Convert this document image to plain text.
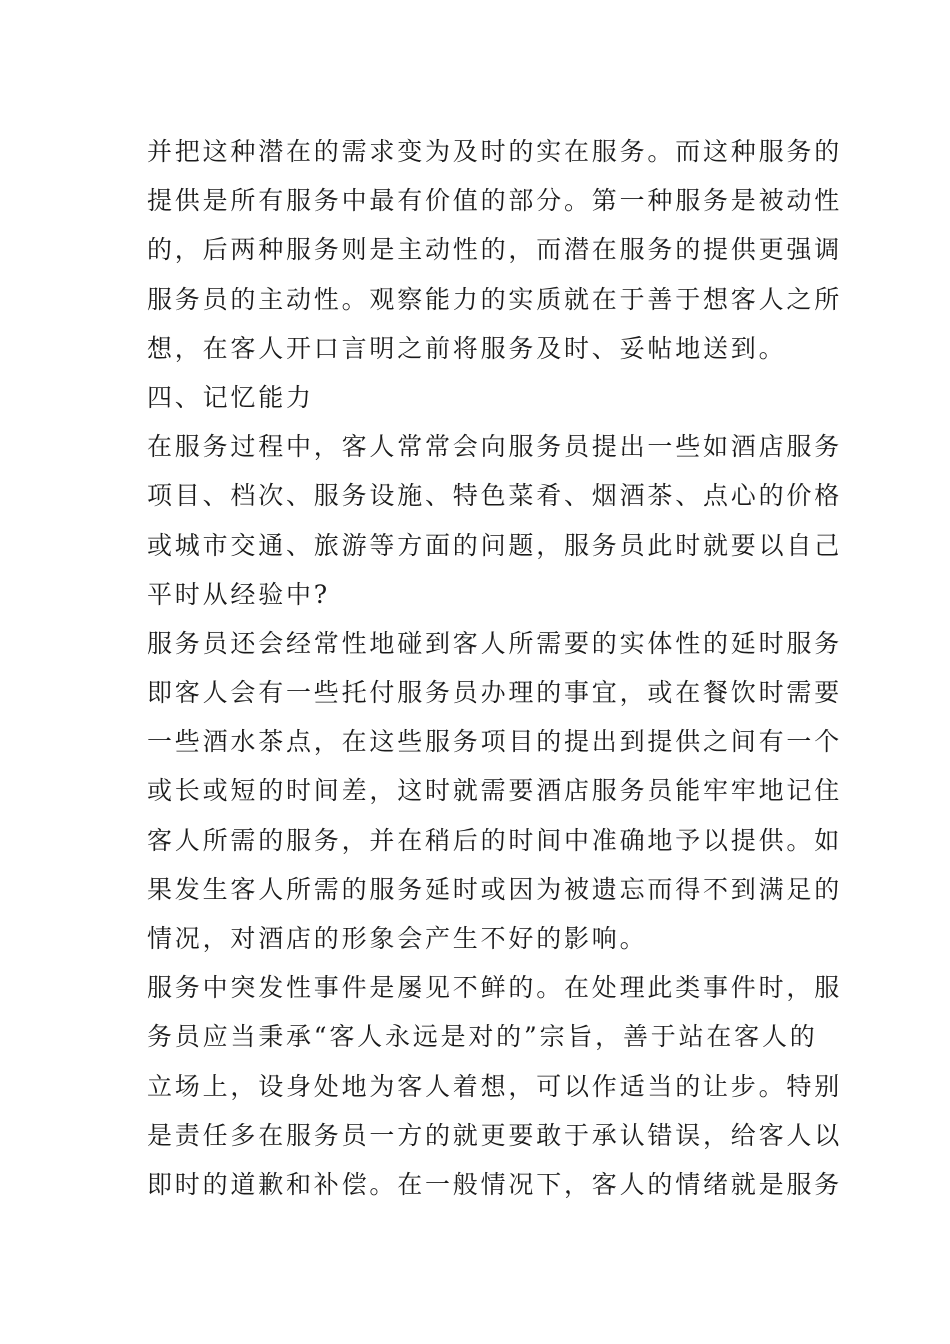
并把这种潜在的需求变为及时的实在服务。而这种服务的
提供是所有服务中最有价值的部分。第一种服务是被动性
的，后两种服务则是主动性的，而潜在服务的提供更强调
服务员的主动性。观察能力的实质就在于善于想客人之所
想，在客人开口言明之前将服务及时、妥帖地送到。
四、记忆能力
在服务过程中，客人常常会向服务员提出一些如酒店服务
项目、档次、服务设施、特色菜肴、烟酒茶、点心的价格
或城市交通、旅游等方面的问题，服务员此时就要以自己
平时从经验中?
服务员还会经常性地碰到客人所需要的实体性的延时服务
即客人会有一些托付服务员办理的事宜，或在餐饮时需要
一些酒水茶点，在这些服务项目的提出到提供之间有一个
或长或短的时间差，这时就需要酒店服务员能牢牢地记住
客人所需的服务，并在稍后的时间中准确地予以提供。如
果发生客人所需的服务延时或因为被遗忘而得不到满足的
情况，对酒店的形象会产生不好的影响。
服务中突发性事件是屡见不鲜的。在处理此类事件时，服
务员应当秉承“客人永远是对的”宗旨，善于站在客人的
立场上，设身处地为客人着想，可以作适当的让步。特别
是责任多在服务员一方的就更要敢于承认错误，给客人以
即时的道歉和补偿。在一般情况下，客人的情绪就是服务
